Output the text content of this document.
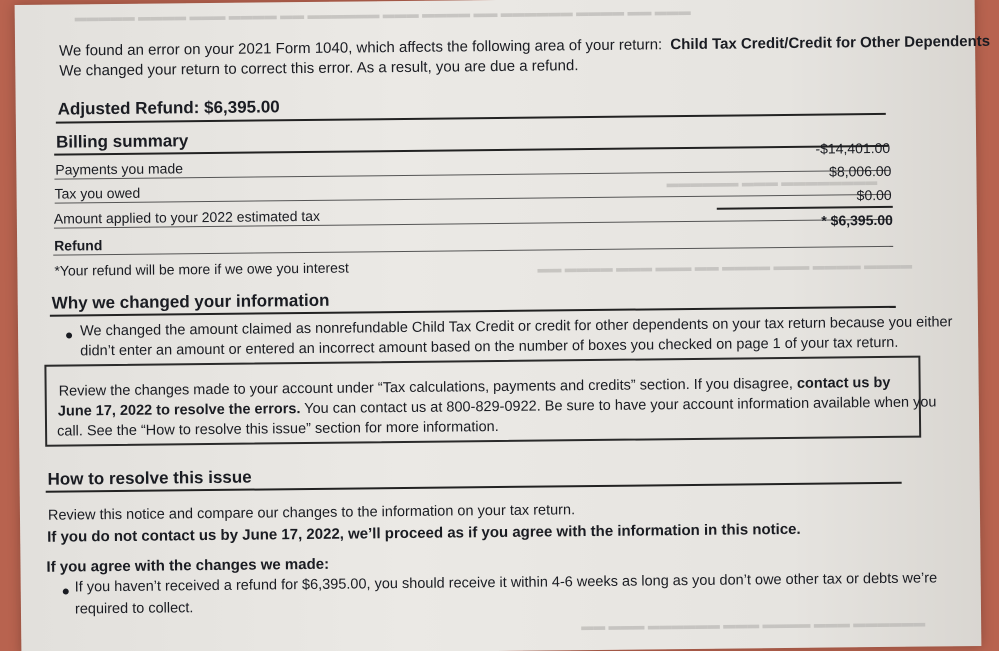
▬▬▬ ▬▬ ▬▬▬▬ ▬▬▬▬▬▬ ▬▬ ▬▬▬▬ ▬▬▬ ▬▬▬▬▬▬ ▬▬ ▬▬▬▬ ▬▬▬ ▬▬▬▬ ▬▬▬▬▬
▬▬▬▬▬▬▬▬ ▬▬▬ ▬▬▬▬▬▬
▬▬▬▬ ▬▬▬▬ ▬▬▬ ▬▬▬▬ ▬▬ ▬▬▬ ▬▬▬ ▬▬▬▬ ▬▬
▬▬▬▬▬▬ ▬▬▬ ▬▬▬▬ ▬▬▬ ▬▬▬▬▬▬ ▬▬▬ ▬▬
We found an error on your 2021 Form 1040, which affects the following area of your return: Child Tax Credit/Credit for Other Dependents
We changed your return to correct this error. As a result, you are due a refund.
Adjusted Refund: $6,395.00
Billing summary
Payments you made
-$14,401.00
Tax you owed
$8,006.00
Amount applied to your 2022 estimated tax
$0.00
Refund
* $6,395.00
*Your refund will be more if we owe you interest
Why we changed your information
We changed the amount claimed as nonrefundable Child Tax Credit or credit for other dependents on your tax return because you either
didn’t enter an amount or entered an incorrect amount based on the number of boxes you checked on page 1 of your tax return.
Review the changes made to your account under “Tax calculations, payments and credits” section. If you disagree, contact us by
June 17, 2022 to resolve the errors. You can contact us at 800-829-0922. Be sure to have your account information available when you
call. See the “How to resolve this issue” section for more information.
How to resolve this issue
Review this notice and compare our changes to the information on your tax return.
If you do not contact us by June 17, 2022, we’ll proceed as if you agree with the information in this notice.
If you agree with the changes we made:
If you haven’t received a refund for $6,395.00, you should receive it within 4-6 weeks as long as you don’t owe other tax or debts we’re
required to collect.
